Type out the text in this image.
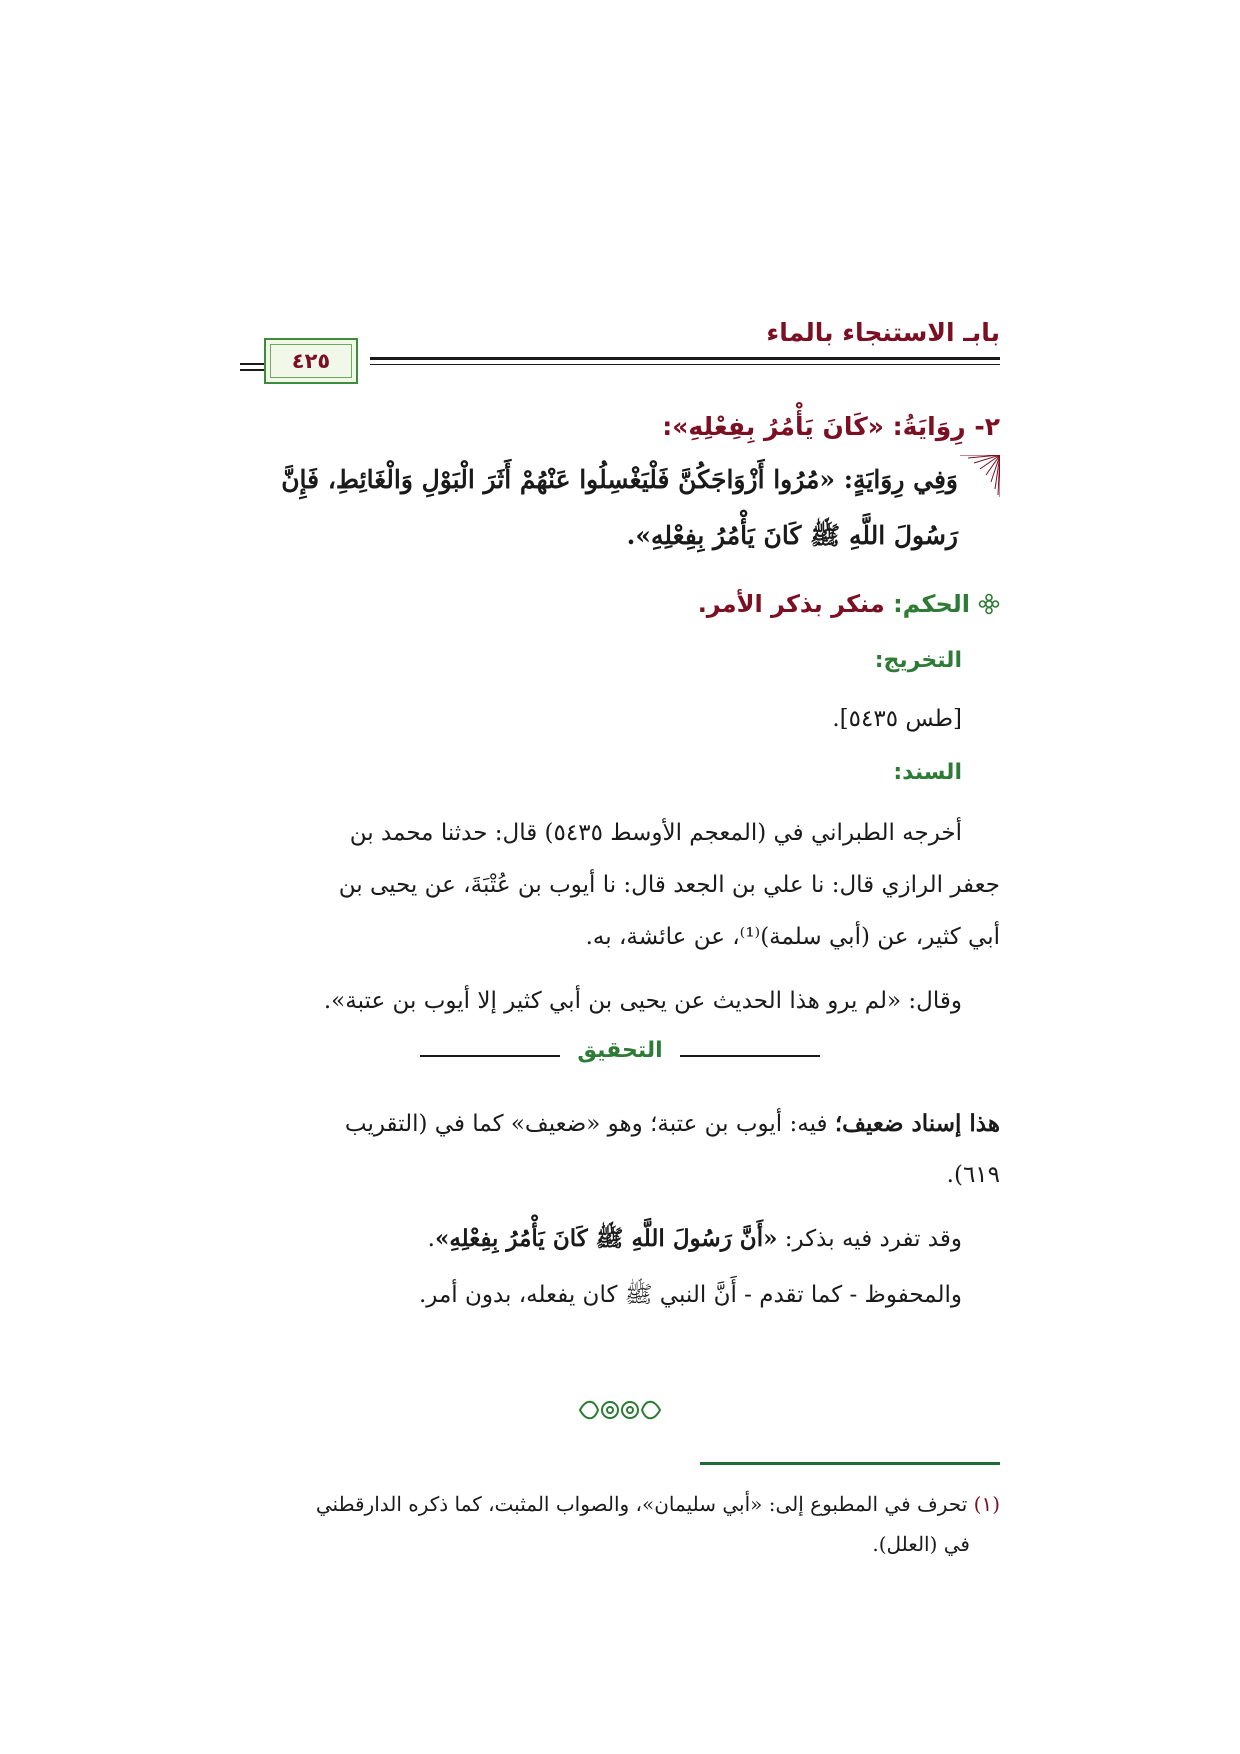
بابـ الاستنجاء بالماء
٤٢٥
٢- رِوَايَةُ: «كَانَ يَأْمُرُ بِفِعْلِهِ»:
وَفِي رِوَايَةٍ: «مُرُوا أَزْوَاجَكُنَّ فَلْيَغْسِلُوا عَنْهُمْ أَثَرَ الْبَوْلِ وَالْغَائِطِ، فَإِنَّ
رَسُولَ اللَّهِ ﷺ كَانَ يَأْمُرُ بِفِعْلِهِ».
الحكم: منكر بذكر الأمر.
التخريج:
[طس ٥٤٣٥].
السند:
أخرجه الطبراني في (المعجم الأوسط ٥٤٣٥) قال: حدثنا محمد بن
جعفر الرازي قال: نا علي بن الجعد قال: نا أيوب بن عُتْبَةَ، عن يحيى بن
أبي كثير، عن (أبي سلمة)⁽¹⁾، عن عائشة، به.
وقال: «لم يرو هذا الحديث عن يحيى بن أبي كثير إلا أيوب بن عتبة».
التحقيق
هذا إسناد ضعيف؛ فيه: أيوب بن عتبة؛ وهو «ضعيف» كما في (التقريب
٦١٩).
وقد تفرد فيه بذكر: «أَنَّ رَسُولَ اللَّهِ ﷺ كَانَ يَأْمُرُ بِفِعْلِهِ».
والمحفوظ - كما تقدم - أَنَّ النبي ﷺ كان يفعله، بدون أمر.
(١) تحرف في المطبوع إلى: «أبي سليمان»، والصواب المثبت، كما ذكره الدارقطني
في (العلل).
